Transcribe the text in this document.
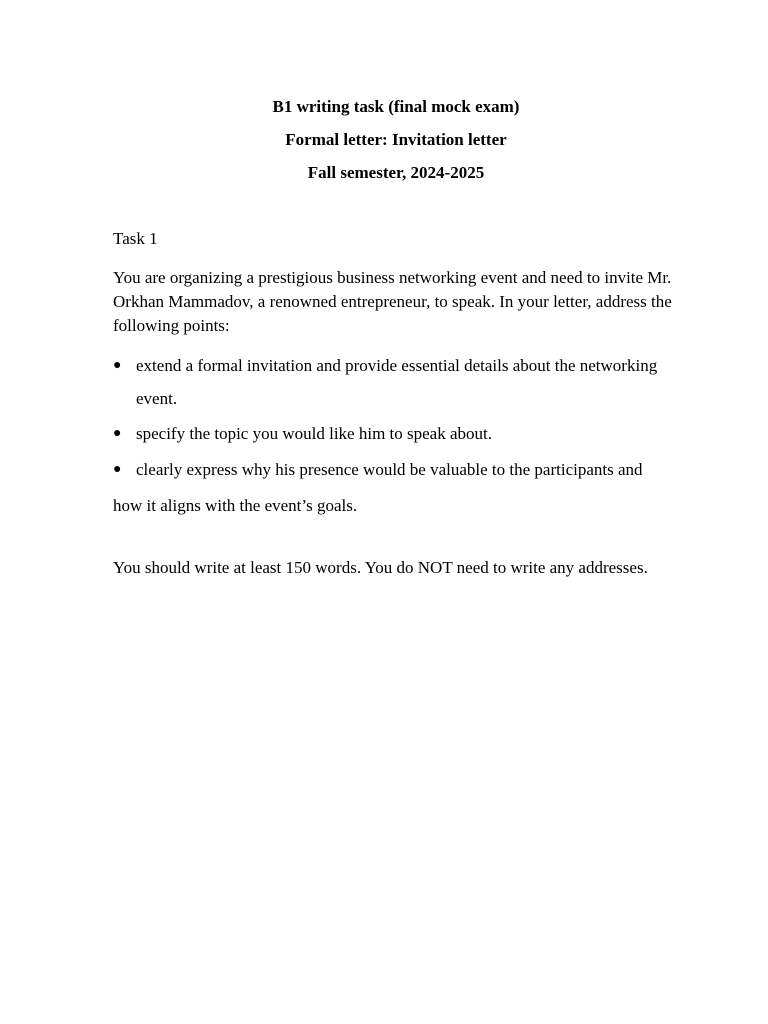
B1 writing task (final mock exam)
Formal letter: Invitation letter
Fall semester, 2024-2025
Task 1
You are organizing a prestigious business networking event and need to invite Mr. Orkhan Mammadov, a renowned entrepreneur, to speak. In your letter, address the following points:
● extend a formal invitation and provide essential details about the networking event.
● specify the topic you would like him to speak about.
● clearly express why his presence would be valuable to the participants and
how it aligns with the event’s goals.
You should write at least 150 words. You do NOT need to write any addresses.
